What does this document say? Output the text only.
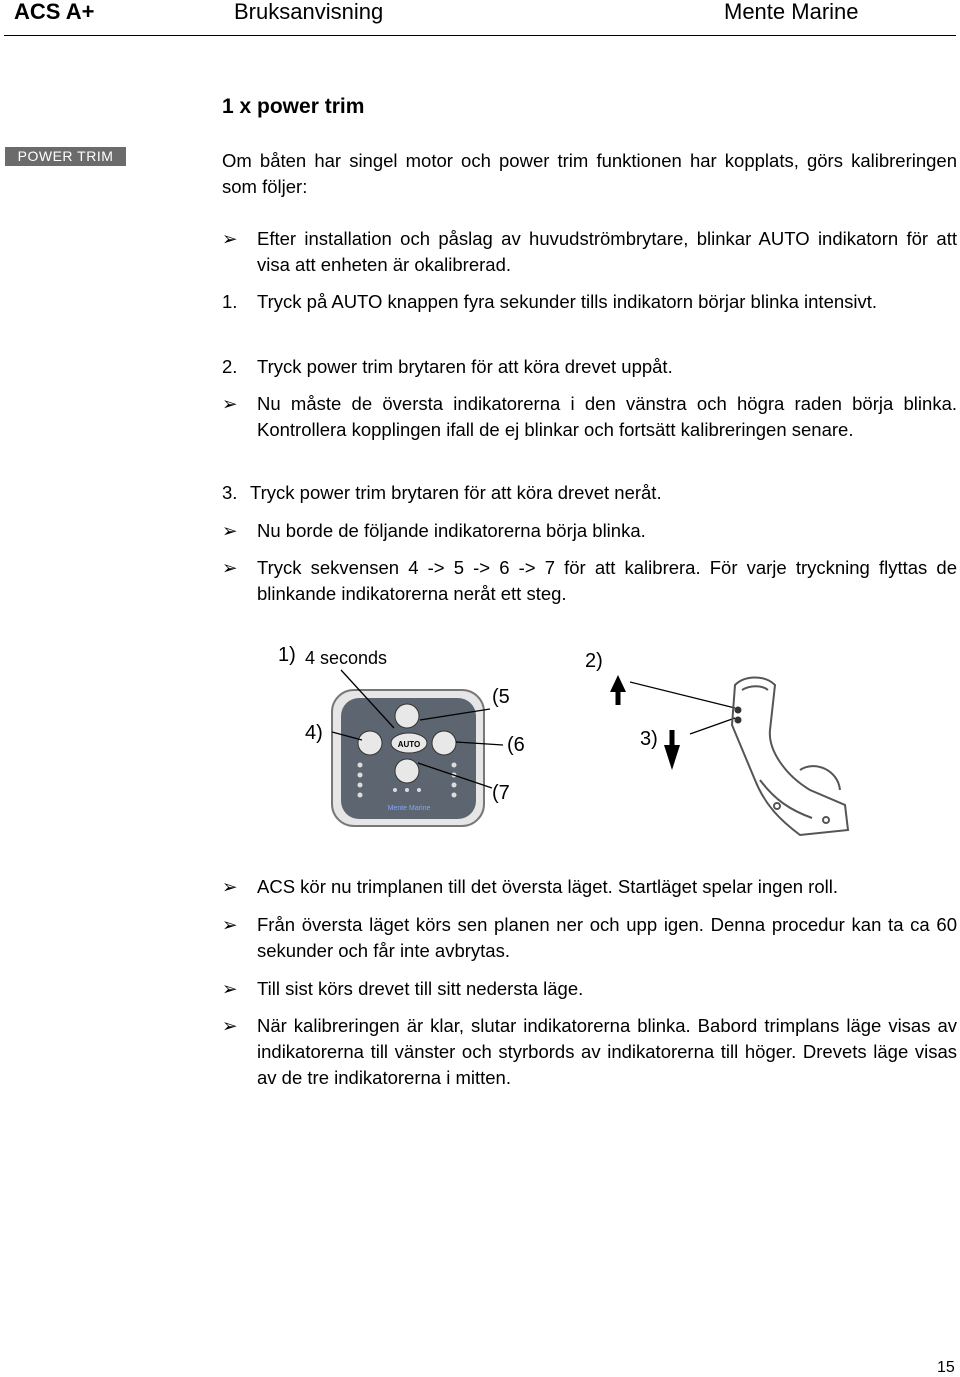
ACS A+	Bruksanvisning	Mente Marine
1 x power trim
POWER TRIM	Om båten har singel motor och power trim funktionen har kopplats, görs kalibreringen som följer:
➢	Efter installation och påslag av huvudströmbrytare, blinkar AUTO indikatorn för att visa att enheten är okalibrerad.
1.	Tryck på AUTO knappen fyra sekunder tills indikatorn börjar blinka intensivt.
2.	Tryck power trim brytaren för att köra drevet uppåt.
➢	Nu måste de översta indikatorerna i den vänstra och högra raden börja blinka. Kontrollera kopplingen ifall de ej blinkar och fortsätt kalibreringen senare.
3. Tryck power trim brytaren för att köra drevet neråt.
➢	Nu borde de följande indikatorerna börja blinka.
➢	Tryck sekvensen 4 -> 5 -> 6 -> 7 för att kalibrera. För varje tryckning flyttas de blinkande indikatorerna neråt ett steg.
AUTO
Mente Marine
1) 4 seconds
4)
(5
(6
(7
2)
3)
➢	ACS kör nu trimplanen till det översta läget. Startläget spelar ingen roll.
➢	Från översta läget körs sen planen ner och upp igen. Denna procedur kan ta ca 60 sekunder och får inte avbrytas.
➢	Till sist körs drevet till sitt nedersta läge.
➢	När kalibreringen är klar, slutar indikatorerna blinka. Babord trimplans läge visas av indikatorerna till vänster och styrbords av indikatorerna till höger. Drevets läge visas av de tre indikatorerna i mitten.
15
